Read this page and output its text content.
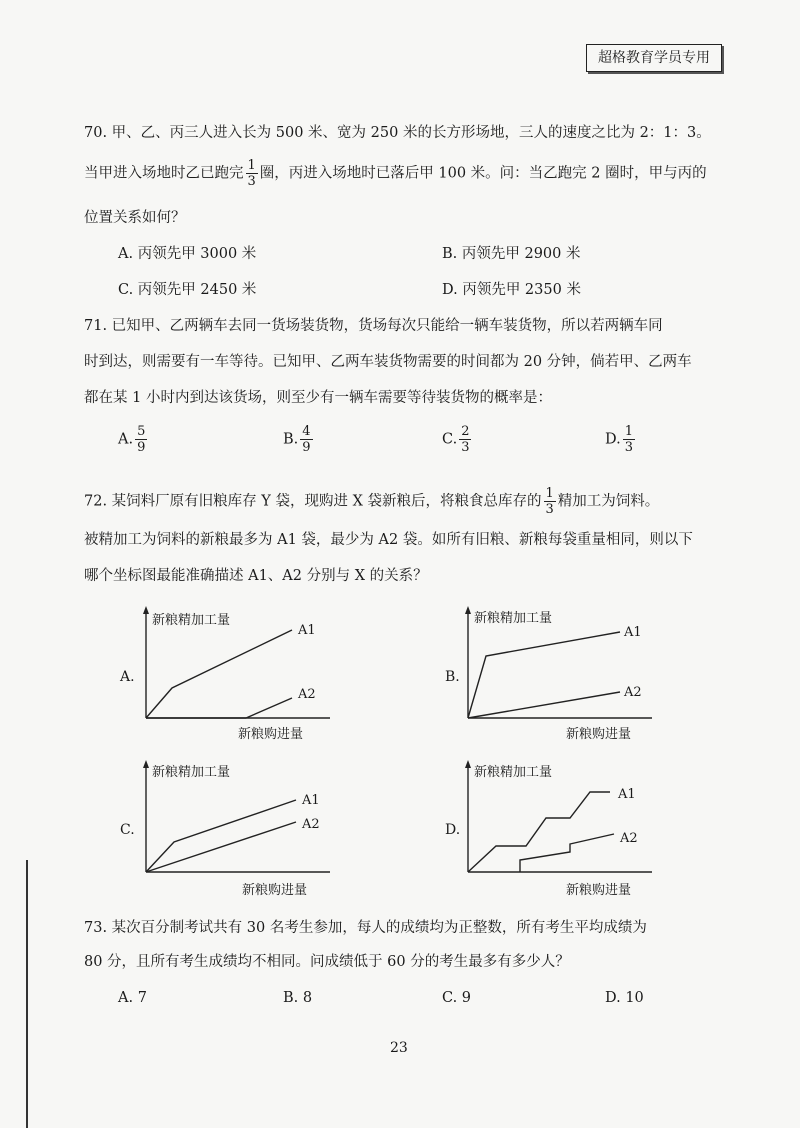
超格教育学员专用
70. 甲、乙、丙三人进入长为 500 米、宽为 250 米的长方形场地，三人的速度之比为 2：1：3。
当甲进入场地时乙已跑完 $\frac{1}{3}$ 圈，丙进入场地时已落后甲 100 米。问：当乙跑完 2 圈时，甲与丙的
位置关系如何？
A. 丙领先甲 3000 米	B. 丙领先甲 2900 米
C. 丙领先甲 2450 米	D. 丙领先甲 2350 米
71. 已知甲、乙两辆车去同一货场装货物，货场每次只能给一辆车装货物，所以若两辆车同
时到达，则需要有一车等待。已知甲、乙两车装货物需要的时间都为 20 分钟，倘若甲、乙两车
都在某 1 小时内到达该货场，则至少有一辆车需要等待装货物的概率是：
A. $\frac{5}{9}$	B. $\frac{4}{9}$	C. $\frac{2}{3}$	D. $\frac{1}{3}$
72. 某饲料厂原有旧粮库存 Y 袋，现购进 X 袋新粮后，将粮食总库存的 $\frac{1}{3}$ 精加工为饲料。
被精加工为饲料的新粮最多为 A1 袋，最少为 A2 袋。如所有旧粮、新粮每袋重量相同，则以下
哪个坐标图最能准确描述 A1、A2 分别与 X 的关系？
A.
新粮精加工量
新粮购进量
A1
A2
B.
新粮精加工量
新粮购进量
A1
A2
C.
新粮精加工量
新粮购进量
A1
A2	D.
新粮精加工量
新粮购进量
A1
A2
73. 某次百分制考试共有 30 名考生参加，每人的成绩均为正整数，所有考生平均成绩为
80 分，且所有考生成绩均不相同。问成绩低于 60 分的考生最多有多少人？
A. 7	B. 8	C. 9	D. 10
23
